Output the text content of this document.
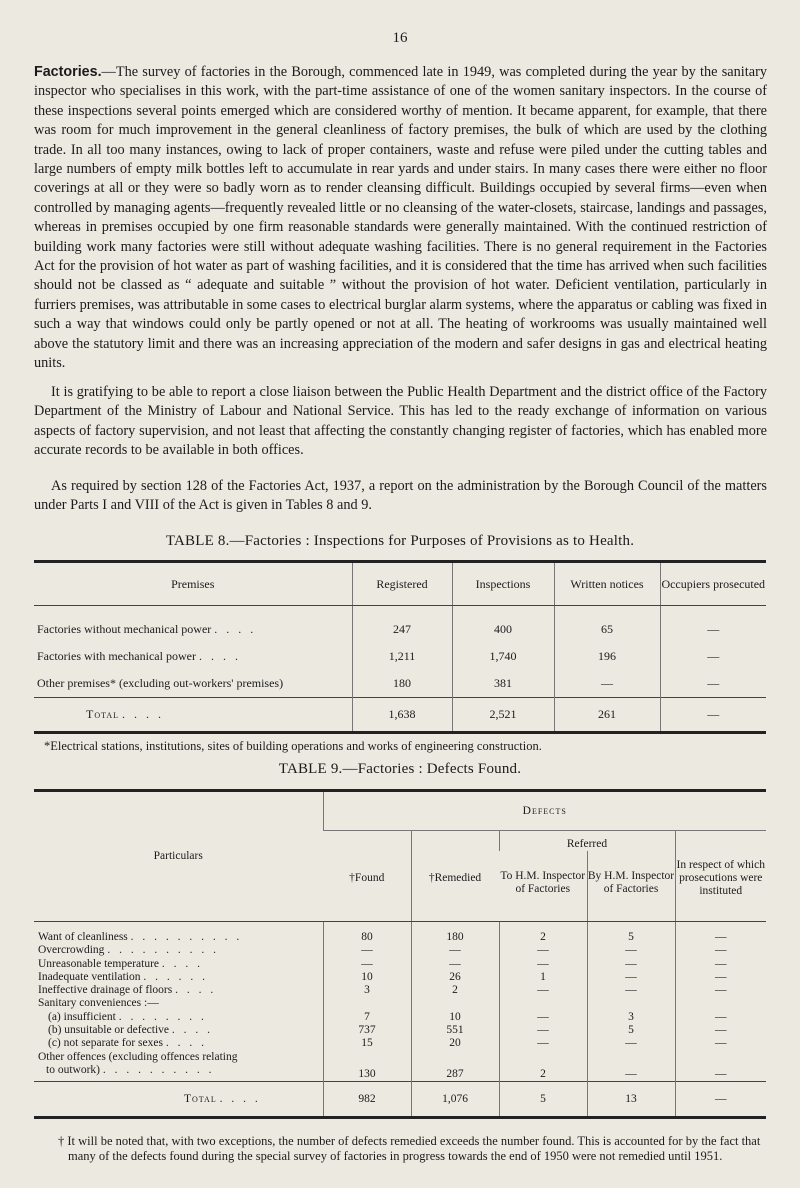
16

Factories.—The survey of factories in the Borough, commenced late in 1949, was completed during the year by the sanitary inspector who specialises in this work, with the part-time assistance of one of the women sanitary inspectors. In the course of these inspections several points emerged which are considered worthy of mention. It became apparent, for example, that there was room for much improvement in the general cleanliness of factory premises, the bulk of which are used by the clothing trade. In all too many instances, owing to lack of proper containers, waste and refuse were piled under the cutting tables and large numbers of empty milk bottles left to accumulate in rear yards and under stairs. In many cases there were either no floor coverings at all or they were so badly worn as to render cleansing difficult. Buildings occupied by several firms—even when controlled by managing agents—frequently revealed little or no cleansing of the water-closets, staircase, landings and passages, whereas in premises occupied by one firm reasonable standards were generally maintained. With the continued restriction of building work many factories were still without adequate washing facilities. There is no general requirement in the Factories Act for the provision of hot water as part of washing facilities, and it is considered that the time has arrived when such facilities should not be classed as “ adequate and suitable ” without the provision of hot water. Deficient ventilation, particularly in furriers premises, was attributable in some cases to electrical burglar alarm systems, where the apparatus or cabling was fixed in such a way that windows could only be partly opened or not at all. The heating of workrooms was usually maintained well above the statutory limit and there was an increasing appreciation of the modern and safer designs in gas and electrical heating units.

It is gratifying to be able to report a close liaison between the Public Health Department and the district office of the Factory Department of the Ministry of Labour and National Service. This has led to the ready exchange of information on various aspects of factory supervision, and not least that affecting the constantly changing register of factories, which has enabled more accurate records to be available in both offices.

As required by section 128 of the Factories Act, 1937, a report on the administration by the Borough Council of the matters under Parts I and VIII of the Act is given in Tables 8 and 9.

TABLE 8.—Factories : Inspections for Purposes of Provisions as to Health.

Premises	Registered	Inspections	Written notices	Occupiers prosecuted
Factories without mechanical power . . . .	247	400	65	—
Factories with mechanical power . . . .	1,211	1,740	196	—
Other premises* (excluding out-workers' premises)	180	381	—	—
Total . . . .	1,638	2,521	261	—

*Electrical stations, institutions, sites of building operations and works of engineering construction.

TABLE 9.—Factories : Defects Found.

Particulars	Defects				
	†Found	†Remedied	Referred		In respect of which prosecutions were instituted
			To H.M. Inspector of Factories	By H.M. Inspector of Factories	
Want of cleanliness . . . . . . . . . .	80	180	2	5	—
Overcrowding . . . . . . . . . .	—	—	—	—	—
Unreasonable temperature . . . .	—	—	—	—	—
Inadequate ventilation . . . . . .	10	26	1	—	—
Ineffective drainage of floors . . . .	3	2	—	—	—
Sanitary conveniences :—					
(a) insufficient . . . . . . . .	7	10	—	3	—
(b) unsuitable or defective . . . .	737	551	—	5	—
(c) not separate for sexes . . . .	15	20	—	—	—
Other offences (excluding offences relating					
to outwork) . . . . . . . . . .	130	287	2	—	—
Total . . . .	982	1,076	5	13	—

† It will be noted that, with two exceptions, the number of defects remedied exceeds the number found. This is accounted for by the fact that many of the defects found during the special survey of factories in progress towards the end of 1950 were not remedied until 1951.
